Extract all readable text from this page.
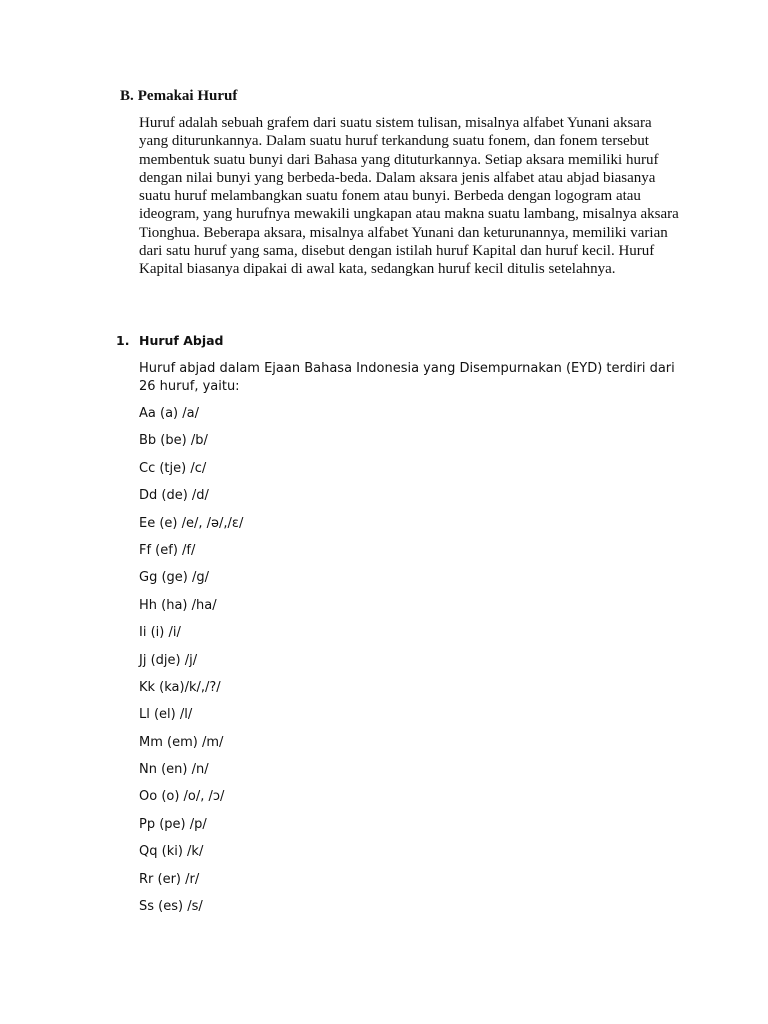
B. Pemakai Huruf

Huruf adalah sebuah grafem dari suatu sistem tulisan, misalnya alfabet Yunani aksara yang diturunkannya. Dalam suatu huruf terkandung suatu fonem, dan fonem tersebut membentuk suatu bunyi dari Bahasa yang dituturkannya. Setiap aksara memiliki huruf dengan nilai bunyi yang berbeda-beda. Dalam aksara jenis alfabet atau abjad biasanya suatu huruf melambangkan suatu fonem atau bunyi. Berbeda dengan logogram atau ideogram, yang hurufnya mewakili ungkapan atau makna suatu lambang, misalnya aksara Tionghua. Beberapa aksara, misalnya alfabet Yunani dan keturunannya, memiliki varian dari satu huruf yang sama, disebut dengan istilah huruf Kapital dan huruf kecil. Huruf Kapital biasanya dipakai di awal kata, sedangkan huruf kecil ditulis setelahnya.

1. Huruf Abjad

Huruf abjad dalam Ejaan Bahasa Indonesia yang Disempurnakan (EYD) terdiri dari 26 huruf, yaitu:

Aa (a) /a/
Bb (be) /b/
Cc (tje) /c/
Dd (de) /d/
Ee (e) /e/, /ə/,/ɛ/
Ff (ef) /f/
Gg (ge) /g/
Hh (ha) /ha/
Ii (i) /i/
Jj (dje) /j/
Kk (ka)/k/,/?/
Ll (el) /l/
Mm (em) /m/
Nn (en) /n/
Oo (o) /o/, /ɔ/
Pp (pe) /p/
Qq (ki) /k/
Rr (er) /r/
Ss (es) /s/
